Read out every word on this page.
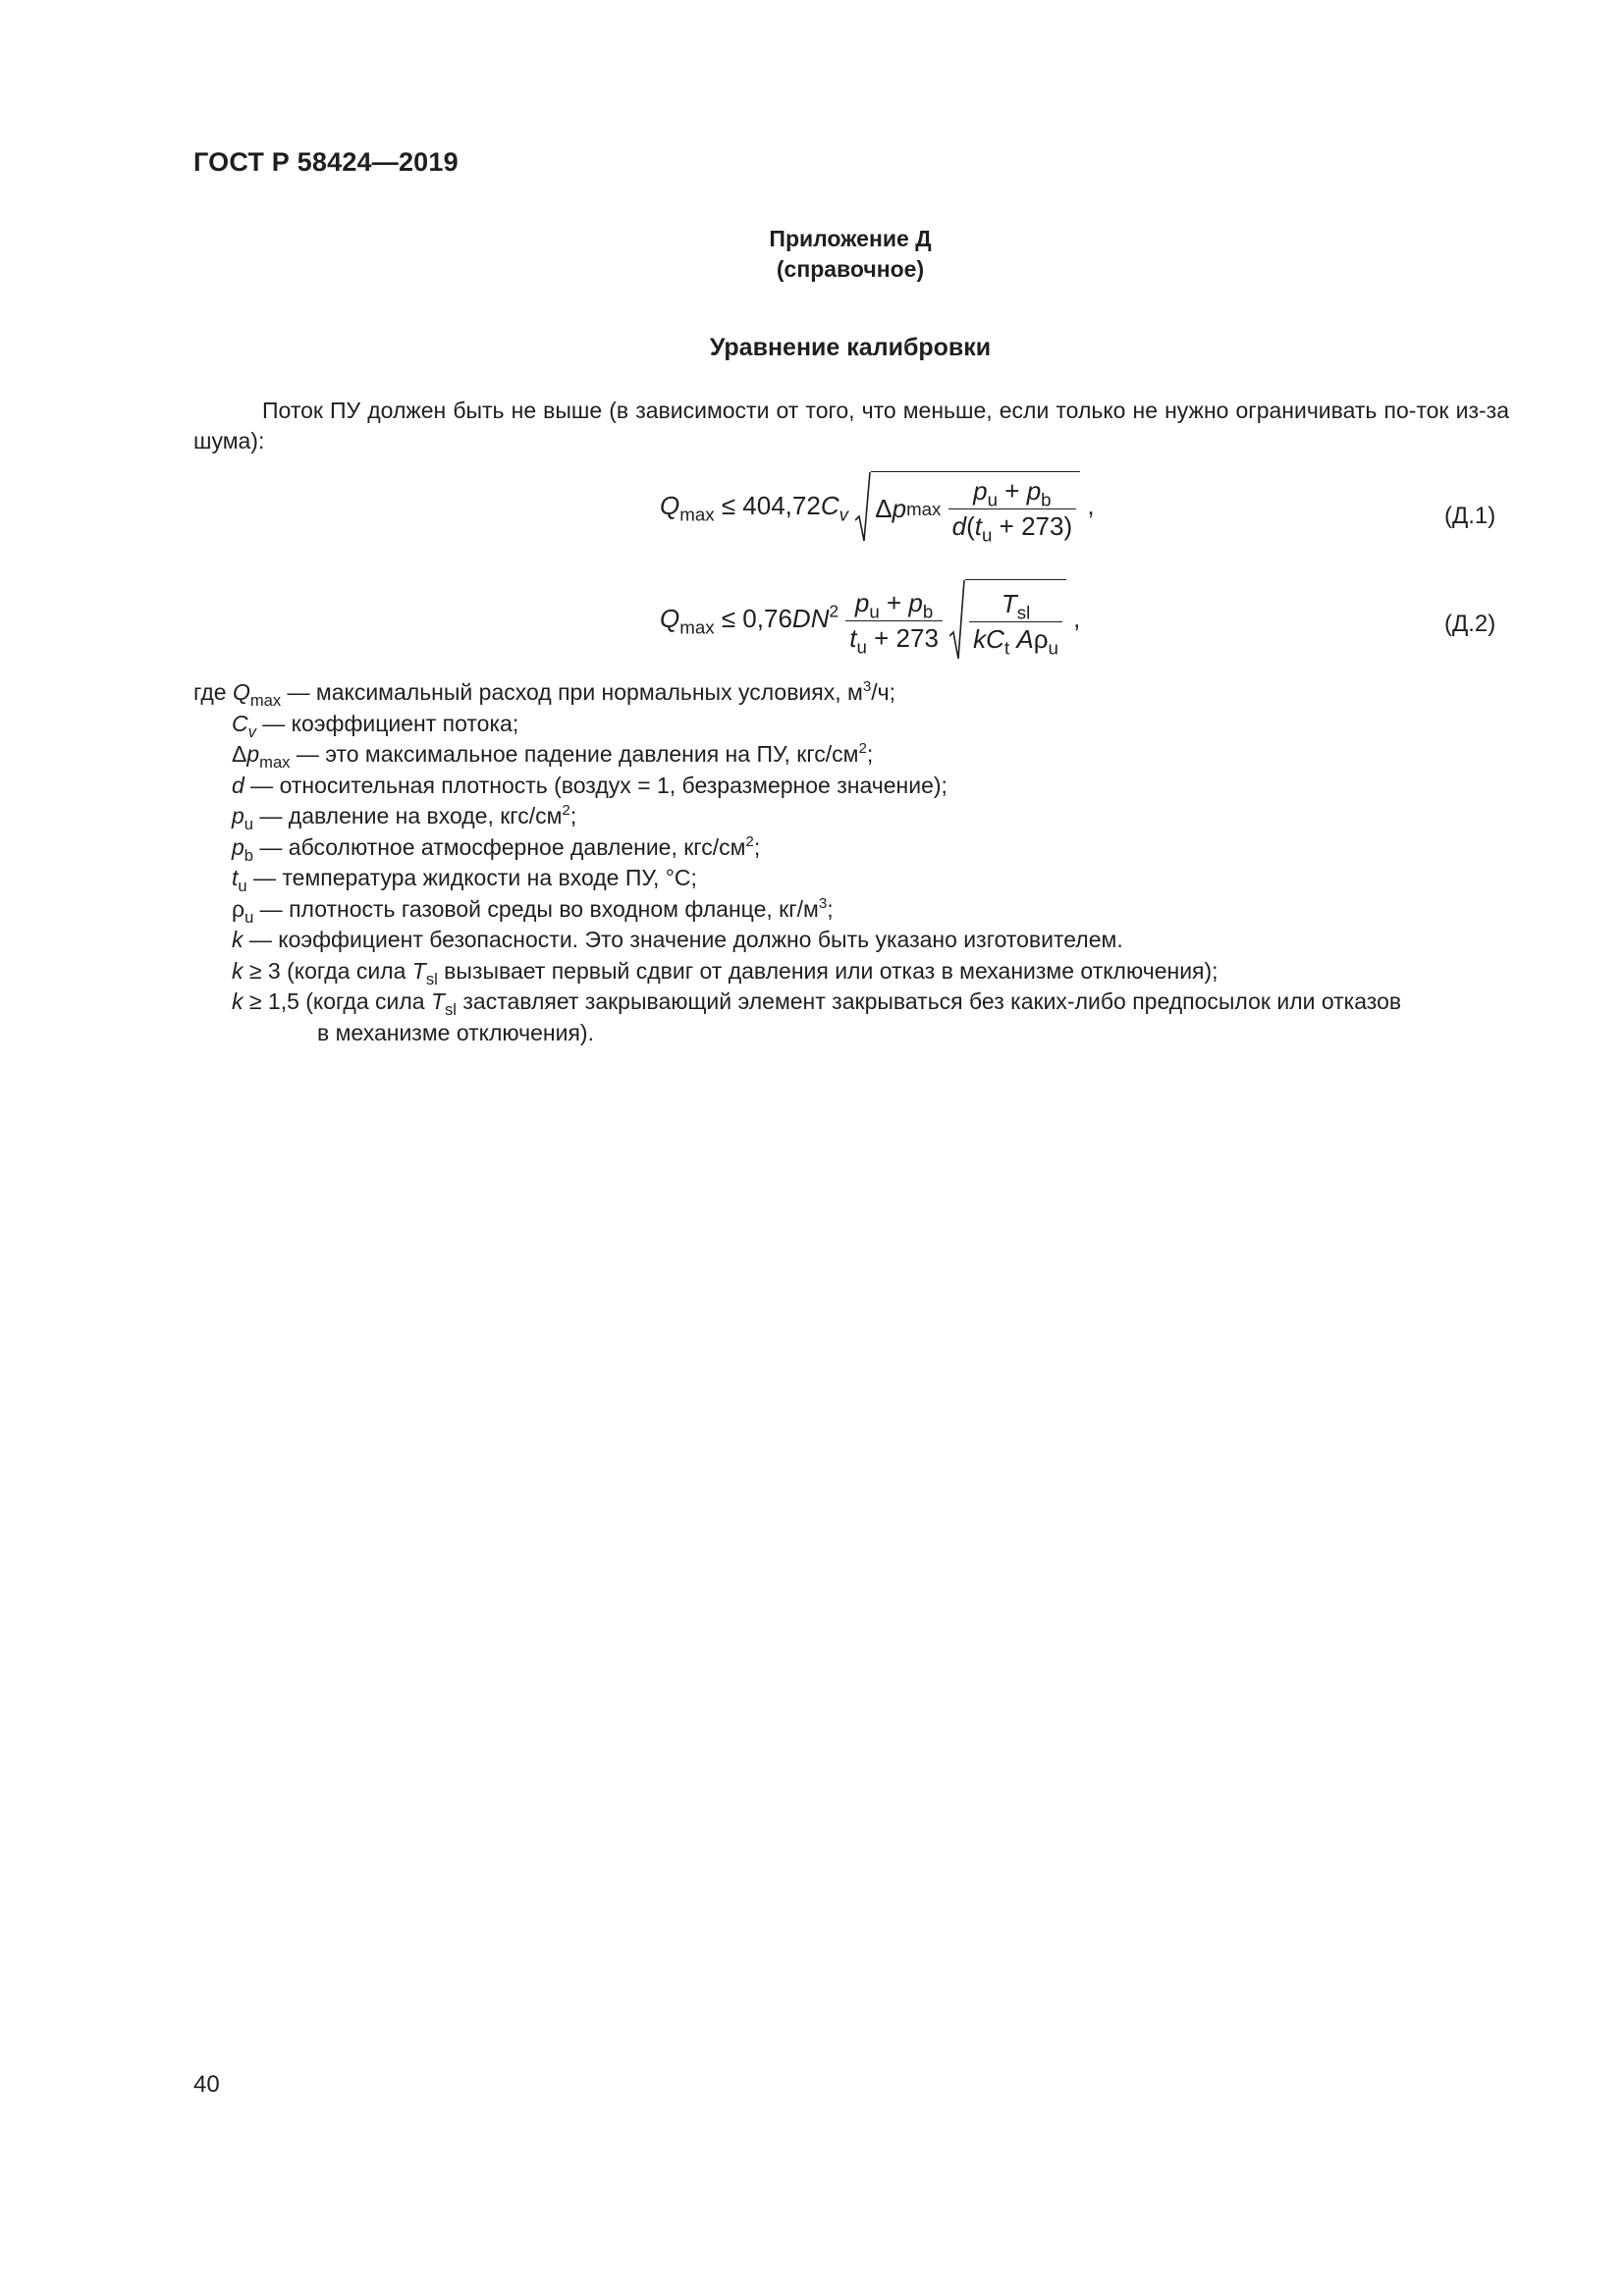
ГОСТ Р 58424—2019
Приложение Д
(справочное)
Уравнение калибровки
Поток ПУ должен быть не выше (в зависимости от того, что меньше, если только не нужно ограничивать по-ток из-за шума):
$Q_{max} \le 404,72C_v$ Δ p max
$\frac{p_u + p_b}{d(t_u + 273)}$ ,	(Д.1)
$Q_{max} \le 0,76DN^2 \frac{p_u + p_b}{t_u + 273}$
$\frac{T_{sl}}{kC_t A\rho_u}$ ,	(Д.2)
где $Q_{max}$ — максимальный расход при нормальных условиях, $м^3/ч$;
$C_v$ — коэффициент потока;
$\Delta p_{max}$ — это максимальное падение давления на ПУ, кгс/$см^2$;
d — относительная плотность (воздух = 1, безразмерное значение);
$p_u$ — давление на входе, кгс/$см^2$;
$p_b$ — абсолютное атмосферное давление, кгс/$см^2$;
$t_u$ — температура жидкости на входе ПУ, °С;
$\rho_u$ — плотность газовой среды во входном фланце, $кг/м^3$;
k — коэффициент безопасности. Это значение должно быть указано изготовителем.
k ≥ 3 (когда сила $T_{sl}$ вызывает первый сдвиг от давления или отказ в механизме отключения);
k ≥ 1,5 (когда сила $T_{sl}$ заставляет закрывающий элемент закрываться без каких-либо предпосылок или отказов
в механизме отключения).
40
